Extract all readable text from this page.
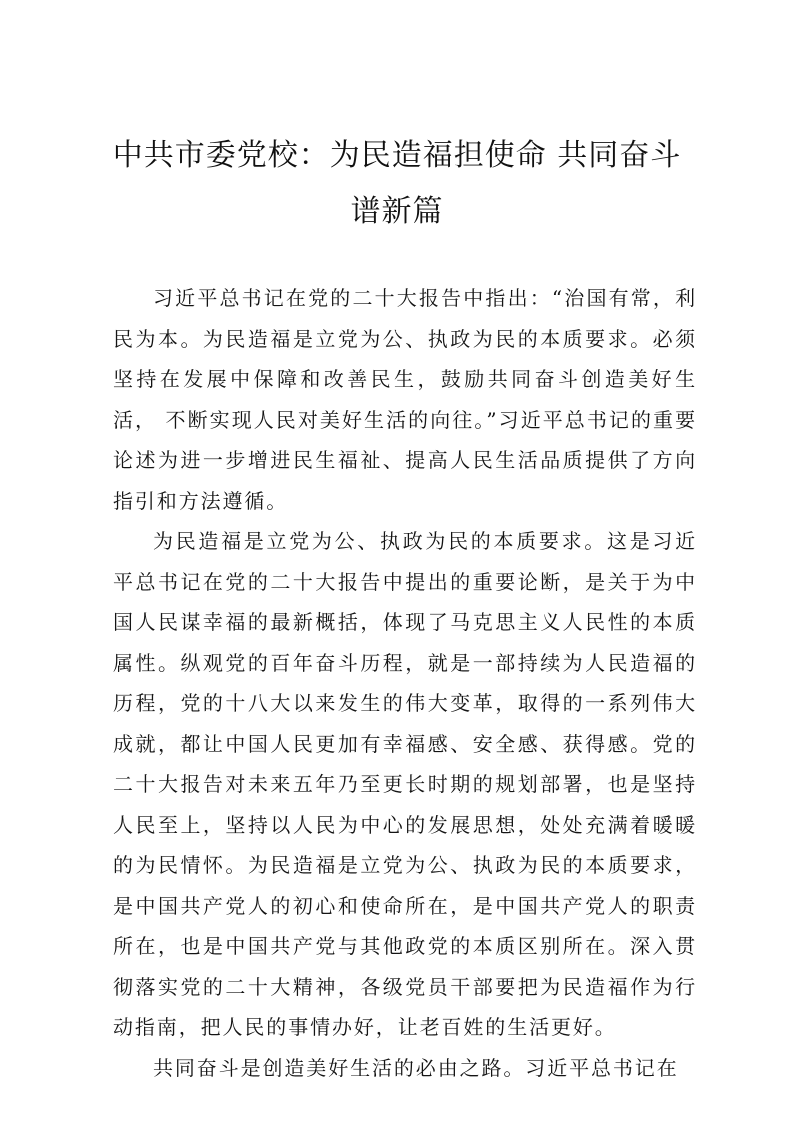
中共市委党校：为民造福担使命 共同奋斗
谱新篇

习近平总书记在党的二十大报告中指出：“治国有常，利民为本。为民造福是立党为公、执政为民的本质要求。必须坚持在发展中保障和改善民生，鼓励共同奋斗创造美好生活， 不断实现人民对美好生活的向往。”习近平总书记的重要论述为进一步增进民生福祉、提高人民生活品质提供了方向指引和方法遵循。

为民造福是立党为公、执政为民的本质要求。这是习近平总书记在党的二十大报告中提出的重要论断，是关于为中国人民谋幸福的最新概括，体现了马克思主义人民性的本质属性。纵观党的百年奋斗历程，就是一部持续为人民造福的历程，党的十八大以来发生的伟大变革，取得的一系列伟大成就，都让中国人民更加有幸福感、安全感、获得感。党的二十大报告对未来五年乃至更长时期的规划部署，也是坚持人民至上，坚持以人民为中心的发展思想，处处充满着暖暖的为民情怀。为民造福是立党为公、执政为民的本质要求， 是中国共产党人的初心和使命所在，是中国共产党人的职责所在，也是中国共产党与其他政党的本质区别所在。深入贯彻落实党的二十大精神，各级党员干部要把为民造福作为行动指南，把人民的事情办好，让老百姓的生活更好。

共同奋斗是创造美好生活的必由之路。习近平总书记在
